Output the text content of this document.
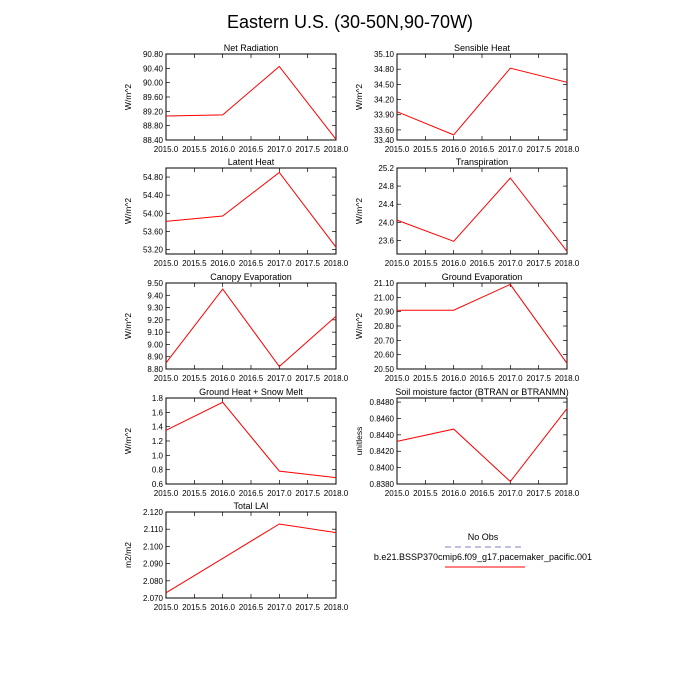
Eastern U.S. (30-50N,90-70W)
Net Radiation
2015.0 2015.5 2016.0 2016.5 2017.0 2017.5 2018.0
88.40
88.80
89.20
89.60
90.00
90.40
90.80
W/m^2
Sensible Heat
2015.0 2015.5 2016.0 2016.5 2017.0 2017.5 2018.0
33.40
33.60
33.90
34.20
34.50
34.80
35.10
W/m^2
Latent Heat
2015.0 2015.5 2016.0 2016.5 2017.0 2017.5 2018.0
53.20
53.60
54.00
54.40
54.80
W/m^2
Transpiration
2015.0 2015.5 2016.0 2016.5 2017.0 2017.5 2018.0
23.6
24.0
24.4
24.8
25.2
W/m^2
Canopy Evaporation
2015.0 2015.5 2016.0 2016.5 2017.0 2017.5 2018.0
8.80
8.90
9.00
9.10
9.20
9.30
9.40
9.50
W/m^2
Ground Evaporation
2015.0 2015.5 2016.0 2016.5 2017.0 2017.5 2018.0
20.50
20.60
20.70
20.80
20.90
21.00
21.10
W/m^2
Ground Heat + Snow Melt
2015.0 2015.5 2016.0 2016.5 2017.0 2017.5 2018.0
0.6
0.8
1.0
1.2
1.4
1.6
1.8
W/m^2
Soil moisture factor (BTRAN or BTRANMN)
2015.0 2015.5 2016.0 2016.5 2017.0 2017.5 2018.0
0.8380
0.8400
0.8420
0.8440
0.8460
0.8480
unitless
Total LAI
2015.0 2015.5 2016.0 2016.5 2017.0 2017.5 2018.0
2.070
2.080
2.090
2.100
2.110
2.120
m2/m2
No Obs
b.e21.BSSP370cmip6.f09_g17.pacemaker_pacific.001
